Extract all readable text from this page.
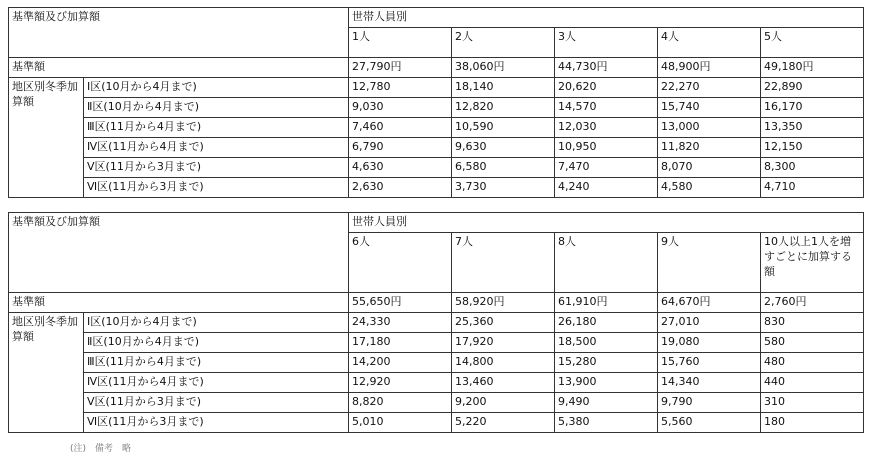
基準額及び加算額		世帯人員別				
		1人	2人	3人	4人	5人
基準額		27,790円	38,060円	44,730円	48,900円	49,180円
地区別冬季加算額	Ⅰ区(10月から4月まで)	12,780	18,140	20,620	22,270	22,890
	Ⅱ区(10月から4月まで)	9,030	12,820	14,570	15,740	16,170
	Ⅲ区(11月から4月まで)	7,460	10,590	12,030	13,000	13,350
	Ⅳ区(11月から4月まで)	6,790	9,630	10,950	11,820	12,150
	Ⅴ区(11月から3月まで)	4,630	6,580	7,470	8,070	8,300
	Ⅵ区(11月から3月まで)	2,630	3,730	4,240	4,580	4,710
基準額及び加算額		世帯人員別				
		6人	7人	8人	9人	10人以上1人を増すごとに加算する額
基準額		55,650円	58,920円	61,910円	64,670円	2,760円
地区別冬季加算額	Ⅰ区(10月から4月まで)	24,330	25,360	26,180	27,010	830
	Ⅱ区(10月から4月まで)	17,180	17,920	18,500	19,080	580
	Ⅲ区(11月から4月まで)	14,200	14,800	15,280	15,760	480
	Ⅳ区(11月から4月まで)	12,920	13,460	13,900	14,340	440
	Ⅴ区(11月から3月まで)	8,820	9,200	9,490	9,790	310
	Ⅵ区(11月から3月まで)	5,010	5,220	5,380	5,560	180
(注)　備考　略
